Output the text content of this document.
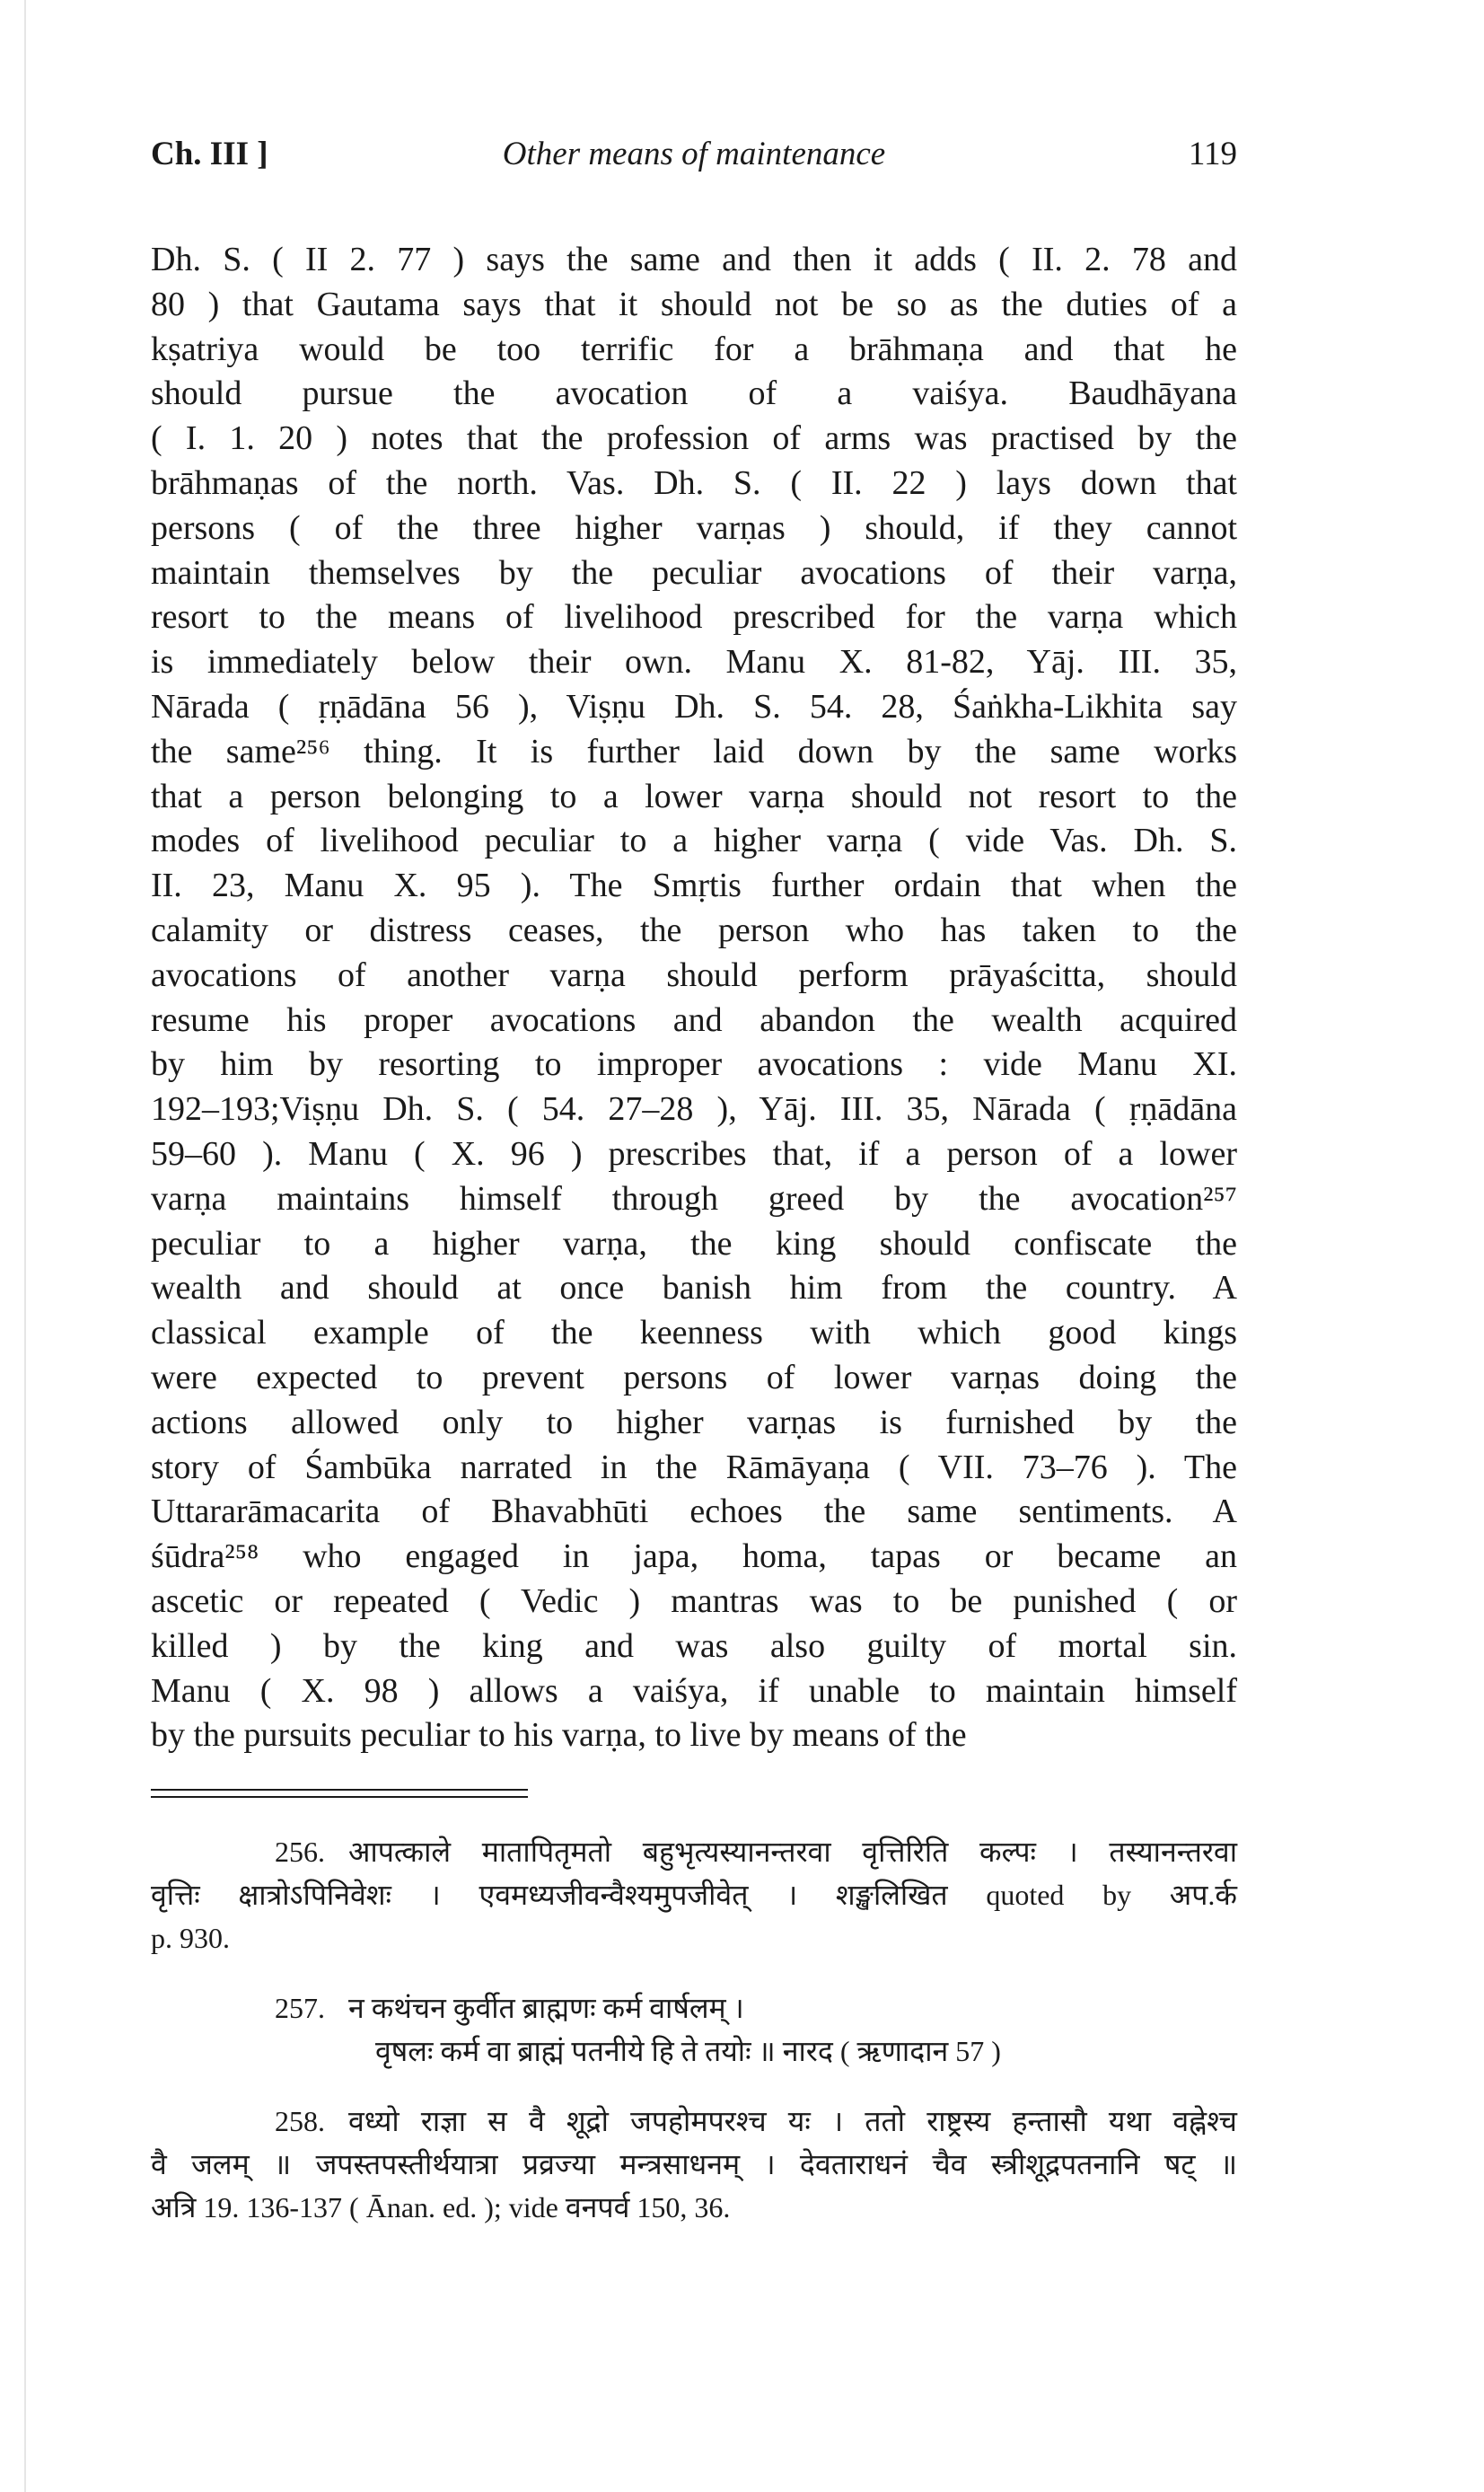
Ch. III ]	Other means of maintenance	119
Dh. S. ( II 2. 77 ) says the same and then it adds ( II. 2. 78 and
80 ) that Gautama says that it should not be so as the duties of a
kṣatriya would be too terrific for a brāhmaṇa and that he
should pursue the avocation of a vaiśya. Baudhāyana
( I. 1. 20 ) notes that the profession of arms was practised by the
brāhmaṇas of the north. Vas. Dh. S. ( II. 22 ) lays down that
persons ( of the three higher varṇas ) should, if they cannot
maintain themselves by the peculiar avocations of their varṇa,
resort to the means of livelihood prescribed for the varṇa which
is immediately below their own. Manu X. 81-82, Yāj. III. 35,
Nārada ( ṛṇādāna 56 ), Viṣṇu Dh. S. 54. 28, Śaṅkha-Likhita say
the same²⁵⁶ thing. It is further laid down by the same works
that a person belonging to a lower varṇa should not resort to the
modes of livelihood peculiar to a higher varṇa ( vide Vas. Dh. S.
II. 23, Manu X. 95 ). The Smṛtis further ordain that when the
calamity or distress ceases, the person who has taken to the
avocations of another varṇa should perform prāyaścitta, should
resume his proper avocations and abandon the wealth acquired
by him by resorting to improper avocations : vide Manu XI.
192–193;Viṣṇu Dh. S. ( 54. 27–28 ), Yāj. III. 35, Nārada ( ṛṇādāna
59–60 ). Manu ( X. 96 ) prescribes that, if a person of a lower
varṇa maintains himself through greed by the avocation²⁵⁷
peculiar to a higher varṇa, the king should confiscate the
wealth and should at once banish him from the country. A
classical example of the keenness with which good kings
were expected to prevent persons of lower varṇas doing the
actions allowed only to higher varṇas is furnished by the
story of Śambūka narrated in the Rāmāyaṇa ( VII. 73–76 ). The
Uttararāmacarita of Bhavabhūti echoes the same sentiments. A
śūdra²⁵⁸ who engaged in japa, homa, tapas or became an
ascetic or repeated ( Vedic ) mantras was to be punished ( or
killed ) by the king and was also guilty of mortal sin.
Manu ( X. 98 ) allows a vaiśya, if unable to maintain himself
by the pursuits peculiar to his varṇa, to live by means of the
256. आपत्काले मातापितृमतो बहुभृत्यस्यानन्तरवा वृत्तिरिति कल्पः । तस्यानन्तरवा
वृत्तिः क्षात्रोऽपिनिवेशः । एवमध्यजीवन्वैश्यमुपजीवेत् । शङ्खलिखित quoted by अप.र्क
p. 930.
257. न कथंचन कुर्वीत ब्राह्मणः कर्म वार्षलम् ।
वृषलः कर्म वा ब्राह्मं पतनीये हि ते तयोः ॥ नारद ( ऋणादान 57 )
258. वध्यो राज्ञा स वै शूद्रो जपहोमपरश्च यः । ततो राष्ट्रस्य हन्तासौ यथा वह्नेश्च
वै जलम् ॥ जपस्तपस्तीर्थयात्रा प्रव्रज्या मन्त्रसाधनम् । देवताराधनं चैव स्त्रीशूद्रपतनानि षट् ॥
अत्रि 19. 136-137 ( Ānan. ed. ); vide वनपर्व 150, 36.
